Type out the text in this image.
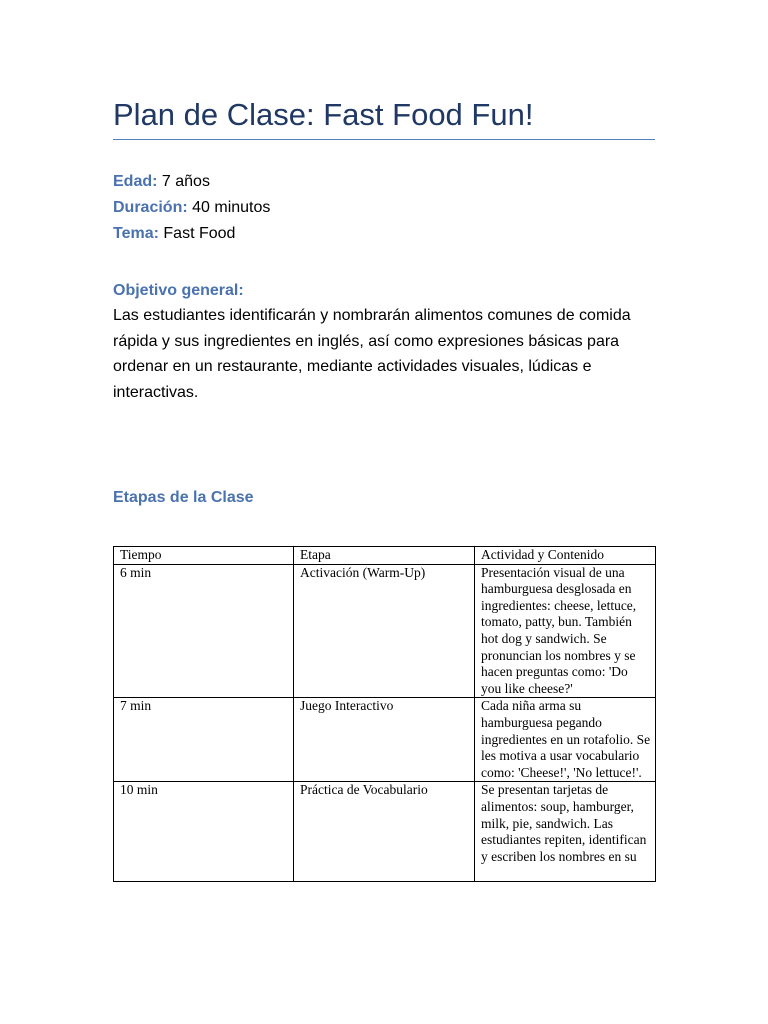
Plan de Clase: Fast Food Fun!
Edad: 7 años
Duración: 40 minutos
Tema: Fast Food
Objetivo general:

Las estudiantes identificarán y nombrarán alimentos comunes de comida rápida y sus ingredientes en inglés, así como expresiones básicas para ordenar en un restaurante, mediante actividades visuales, lúdicas e interactivas.

Etapas de la Clase
Tiempo	Etapa	Actividad y Contenido
6 min	Activación (Warm-Up)	Presentación visual de una hamburguesa desglosada en ingredientes: cheese, lettuce, tomato, patty, bun. También hot dog y sandwich. Se pronuncian los nombres y se hacen preguntas como: 'Do you like cheese?'
7 min	Juego Interactivo	Cada niña arma su hamburguesa pegando ingredientes en un rotafolio. Se les motiva a usar vocabulario como: 'Cheese!', 'No lettuce!'.
10 min	Práctica de Vocabulario	Se presentan tarjetas de alimentos: soup, hamburger, milk, pie, sandwich. Las estudiantes repiten, identifican y escriben los nombres en su
